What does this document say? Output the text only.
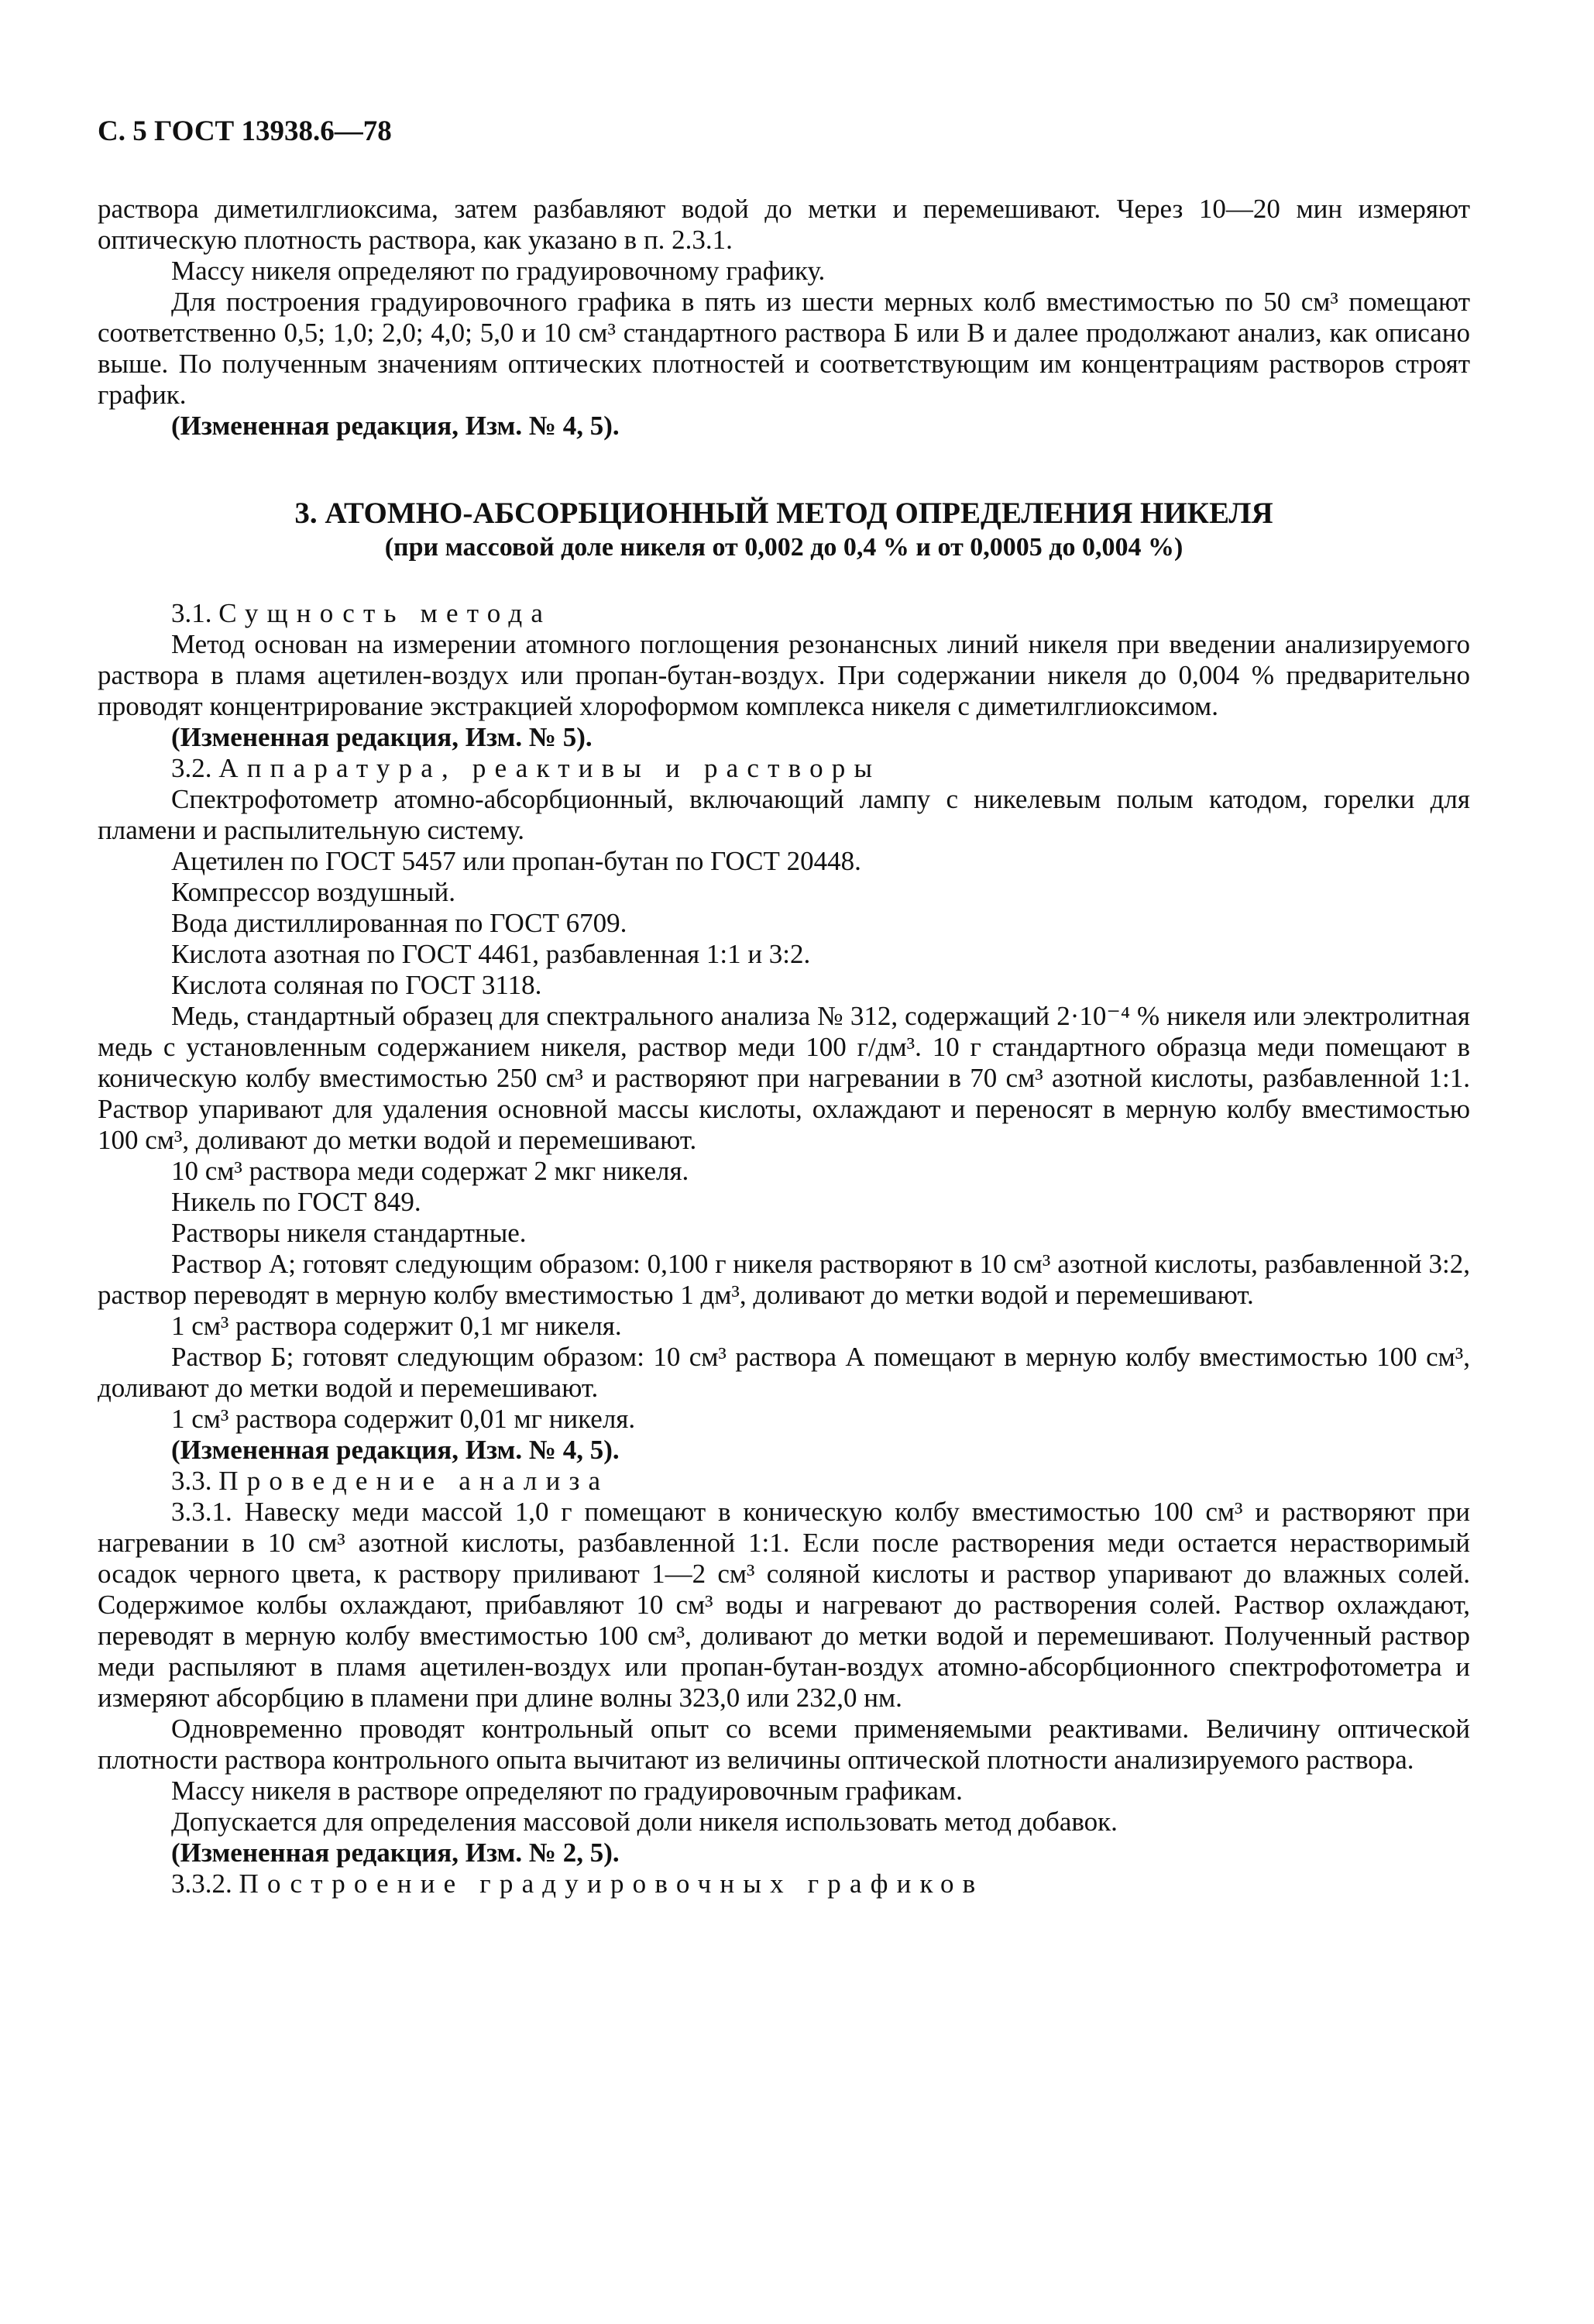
С. 5 ГОСТ 13938.6—78

раствора диметилглиоксима, затем разбавляют водой до метки и перемешивают. Через 10—20 мин измеряют оптическую плотность раствора, как указано в п. 2.3.1.

Массу никеля определяют по градуировочному графику.

Для построения градуировочного графика в пять из шести мерных колб вместимостью по 50 см³ помещают соответственно 0,5; 1,0; 2,0; 4,0; 5,0 и 10 см³ стандартного раствора Б или В и далее продолжают анализ, как описано выше. По полученным значениям оптических плотностей и соответствующим им концентрациям растворов строят график.

(Измененная редакция, Изм. № 4, 5).

3. АТОМНО-АБСОРБЦИОННЫЙ МЕТОД ОПРЕДЕЛЕНИЯ НИКЕЛЯ
(при массовой доле никеля от 0,002 до 0,4 % и от 0,0005 до 0,004 %)

3.1. Сущность метода

Метод основан на измерении атомного поглощения резонансных линий никеля при введении анализируемого раствора в пламя ацетилен-воздух или пропан-бутан-воздух. При содержании никеля до 0,004 % предварительно проводят концентрирование экстракцией хлороформом комплекса никеля с диметилглиоксимом.

(Измененная редакция, Изм. № 5).

3.2. Аппаратура, реактивы и растворы

Спектрофотометр атомно-абсорбционный, включающий лампу с никелевым полым катодом, горелки для пламени и распылительную систему.

Ацетилен по ГОСТ 5457 или пропан-бутан по ГОСТ 20448.

Компрессор воздушный.

Вода дистиллированная по ГОСТ 6709.

Кислота азотная по ГОСТ 4461, разбавленная 1:1 и 3:2.

Кислота соляная по ГОСТ 3118.

Медь, стандартный образец для спектрального анализа № 312, содержащий 2·10⁻⁴ % никеля или электролитная медь с установленным содержанием никеля, раствор меди 100 г/дм³. 10 г стандартного образца меди помещают в коническую колбу вместимостью 250 см³ и растворяют при нагревании в 70 см³ азотной кислоты, разбавленной 1:1. Раствор упаривают для удаления основной массы кислоты, охлаждают и переносят в мерную колбу вместимостью 100 см³, доливают до метки водой и перемешивают.

10 см³ раствора меди содержат 2 мкг никеля.

Никель по ГОСТ 849.

Растворы никеля стандартные.

Раствор А; готовят следующим образом: 0,100 г никеля растворяют в 10 см³ азотной кислоты, разбавленной 3:2, раствор переводят в мерную колбу вместимостью 1 дм³, доливают до метки водой и перемешивают.

1 см³ раствора содержит 0,1 мг никеля.

Раствор Б; готовят следующим образом: 10 см³ раствора А помещают в мерную колбу вместимостью 100 см³, доливают до метки водой и перемешивают.

1 см³ раствора содержит 0,01 мг никеля.

(Измененная редакция, Изм. № 4, 5).

3.3. Проведение анализа

3.3.1. Навеску меди массой 1,0 г помещают в коническую колбу вместимостью 100 см³ и растворяют при нагревании в 10 см³ азотной кислоты, разбавленной 1:1. Если после растворения меди остается нерастворимый осадок черного цвета, к раствору приливают 1—2 см³ соляной кислоты и раствор упаривают до влажных солей. Содержимое колбы охлаждают, прибавляют 10 см³ воды и нагревают до растворения солей. Раствор охлаждают, переводят в мерную колбу вместимостью 100 см³, доливают до метки водой и перемешивают. Полученный раствор меди распыляют в пламя ацетилен-воздух или пропан-бутан-воздух атомно-абсорбционного спектрофотометра и измеряют абсорбцию в пламени при длине волны 323,0 или 232,0 нм.

Одновременно проводят контрольный опыт со всеми применяемыми реактивами. Величину оптической плотности раствора контрольного опыта вычитают из величины оптической плотности анализируемого раствора.

Массу никеля в растворе определяют по градуировочным графикам.

Допускается для определения массовой доли никеля использовать метод добавок.

(Измененная редакция, Изм. № 2, 5).

3.3.2. Построение градуировочных графиков
